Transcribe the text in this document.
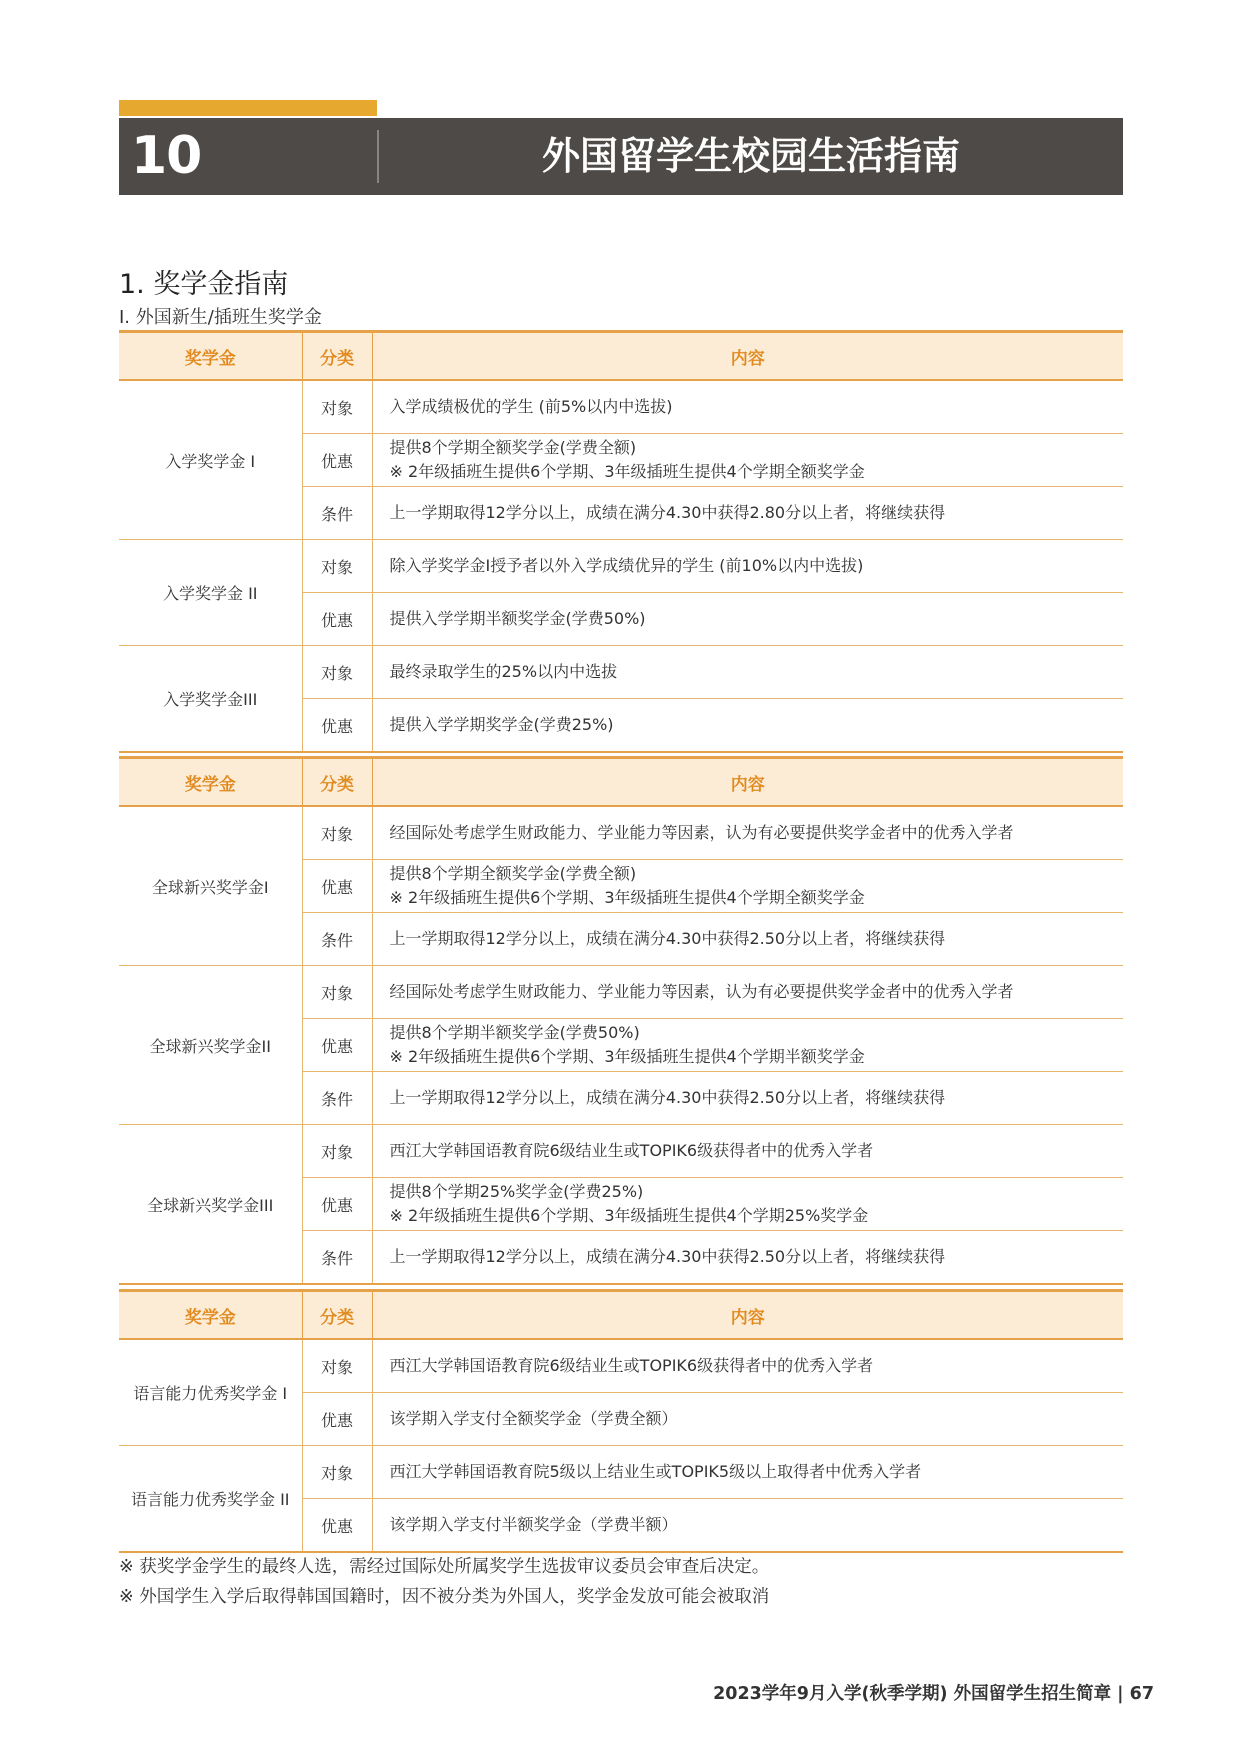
10	外国留学生校园生活指南
1. 奖学金指南
I. 外国新生/插班生奖学金
奖学金	分类	内容
入学奖学金 I	对象	入学成绩极优的学生 (前5%以内中选拔)

	优惠	提供8个学期全额奖学金(学费全额)
※ 2年级插班生提供6个学期、3年级插班生提供4个学期全额奖学金

	条件	上一学期取得12学分以上，成绩在满分4.30中获得2.80分以上者，将继续获得

入学奖学金 II	对象	除入学奖学金I授予者以外入学成绩优异的学生 (前10%以内中选拔)

	优惠	提供入学学期半额奖学金(学费50%)

入学奖学金III	对象	最终录取学生的25%以内中选拔

	优惠	提供入学学期奖学金(学费25%)
奖学金	分类	内容
全球新兴奖学金I	对象	经国际处考虑学生财政能力、学业能力等因素，认为有必要提供奖学金者中的优秀入学者

	优惠	提供8个学期全额奖学金(学费全额)
※ 2年级插班生提供6个学期、3年级插班生提供4个学期全额奖学金

	条件	上一学期取得12学分以上，成绩在满分4.30中获得2.50分以上者，将继续获得

全球新兴奖学金II	对象	经国际处考虑学生财政能力、学业能力等因素，认为有必要提供奖学金者中的优秀入学者

	优惠	提供8个学期半额奖学金(学费50%)
※ 2年级插班生提供6个学期、3年级插班生提供4个学期半额奖学金

	条件	上一学期取得12学分以上，成绩在满分4.30中获得2.50分以上者，将继续获得

全球新兴奖学金III	对象	西江大学韩国语教育院6级结业生或TOPIK6级获得者中的优秀入学者

	优惠	提供8个学期25%奖学金(学费25%)
※ 2年级插班生提供6个学期、3年级插班生提供4个学期25%奖学金

	条件	上一学期取得12学分以上，成绩在满分4.30中获得2.50分以上者，将继续获得
奖学金	分类	内容
语言能力优秀奖学金 I	对象	西江大学韩国语教育院6级结业生或TOPIK6级获得者中的优秀入学者

	优惠	该学期入学支付全额奖学金（学费全额）

语言能力优秀奖学金 II	对象	西江大学韩国语教育院5级以上结业生或TOPIK5级以上取得者中优秀入学者

	优惠	该学期入学支付半额奖学金（学费半额）
※ 获奖学金学生的最终人选，需经过国际处所属奖学生选拔审议委员会审查后决定。
※ 外国学生入学后取得韩国国籍时，因不被分类为外国人，奖学金发放可能会被取消
2023学年9月入学(秋季学期) 外国留学生招生简章 | 67
